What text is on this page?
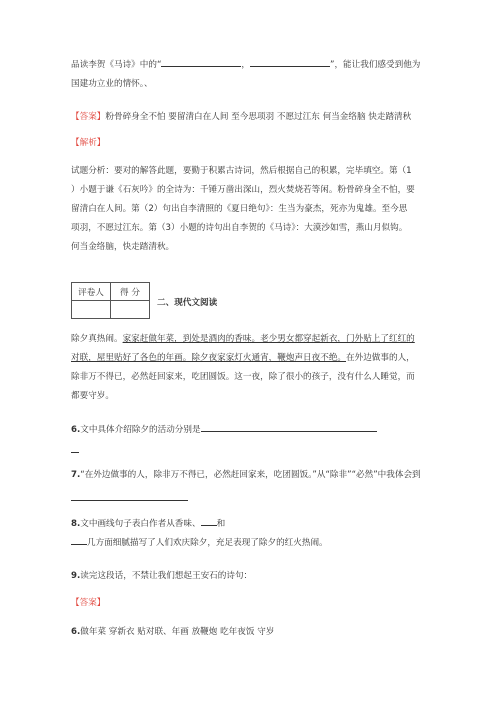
品读李贺《马诗》中的“	，	”，能让我们感受到他为
国建功立业的情怀。、

【答案】粉骨碎身全不怕 要留清白在人间 至今思项羽 不愿过江东 何当金络脑 快走踏清秋

【解析】

试题分析：要对的解答此题，要勤于积累古诗词，然后根据自己的积累，完毕填空。第（1
）小题于谦《石灰吟》的全诗为：千锤万凿出深山，烈火焚烧若等闲。粉骨碎身全不怕，要
留清白在人间。第（2）句出自李清照的《夏日绝句》：生当为豪杰，死亦为鬼雄。至今思
项羽，不愿过江东。第（3）小题的诗句出自李贺的《马诗》：大漠沙如雪，燕山月似钩。
何当金络脑，快走踏清秋。

评卷人	得 分

二、现代文阅读

除夕真热闹。家家赶做年菜，到处是酒肉的香味。老少男女都穿起新衣，门外贴上了红红的
对联，屋里贴好了各色的年画。除夕夜家家灯火通宵，鞭炮声日夜不绝。在外边做事的人，
除非万不得已，必然赶回家来，吃团圆饭。这一夜，除了很小的孩子，没有什么人睡觉，而
都要守岁。

6.文中具体介绍除夕的活动分别是

7.“在外边做事的人，除非万不得已，必然赶回家来，吃团圆饭。”从“除非”“必然”中我体会到

8.文中画线句子表白作者从香味、 和
几方面细腻描写了人们欢庆除夕，充足表现了除夕的红火热闹。

9.读完这段话，不禁让我们想起王安石的诗句：

【答案】

6.做年菜 穿新衣 贴对联、年画 放鞭炮 吃年夜饭 守岁
